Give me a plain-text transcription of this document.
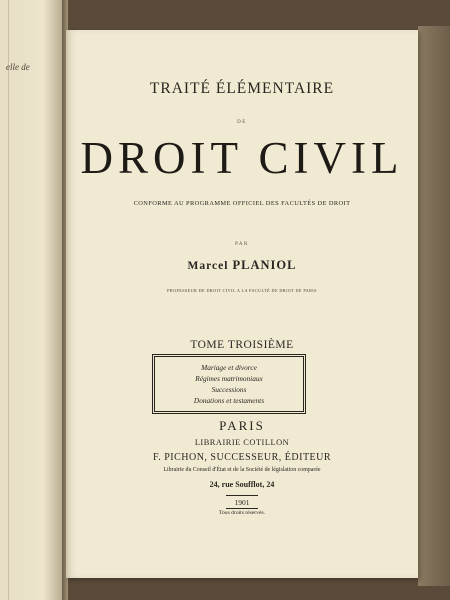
elle de
TRAITÉ ÉLÉMENTAIRE
DE
DROIT CIVIL
CONFORME AU PROGRAMME OFFICIEL DES FACULTÉS DE DROIT
PAR
Marcel PLANIOL
PROFESSEUR DE DROIT CIVIL A LA FACULTÉ DE DROIT DE PARIS
TOME TROISIÈME
Mariage et divorce
Régimes matrimoniaux
Successions
Donations et testaments
PARIS
LIBRAIRIE COTILLON
F. PICHON, SUCCESSEUR, ÉDITEUR
Librairie du Conseil d'État et de la Société de législation comparée
24, rue Soufflot, 24
1901
Tous droits réservés.
